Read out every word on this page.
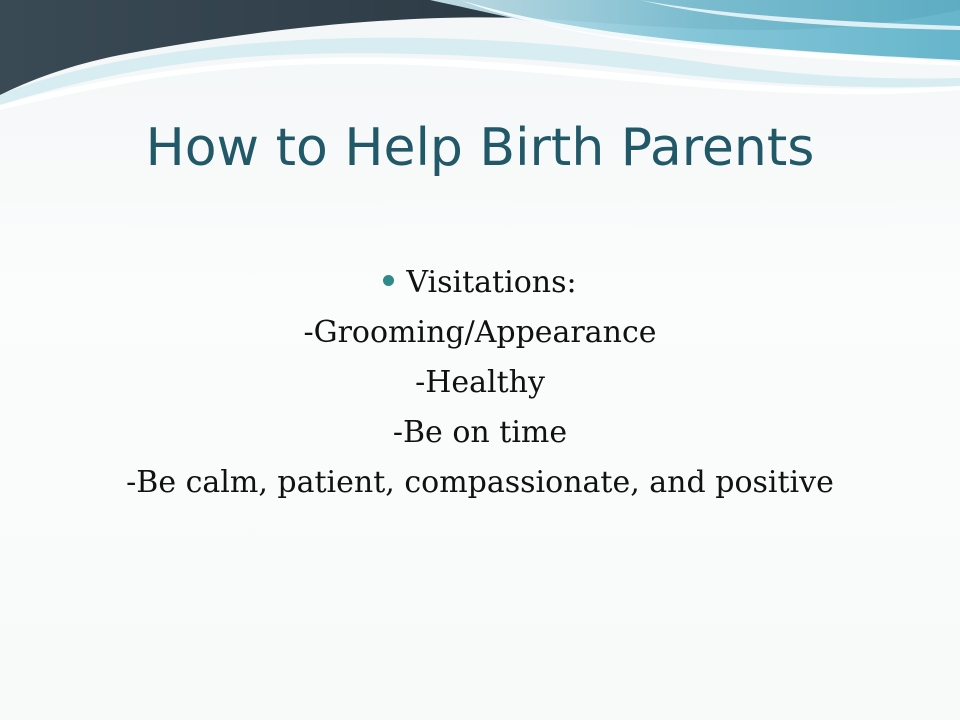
How to Help Birth Parents
Visitations:
-Grooming/Appearance
-Healthy
-Be on time
-Be calm, patient, compassionate, and positive
